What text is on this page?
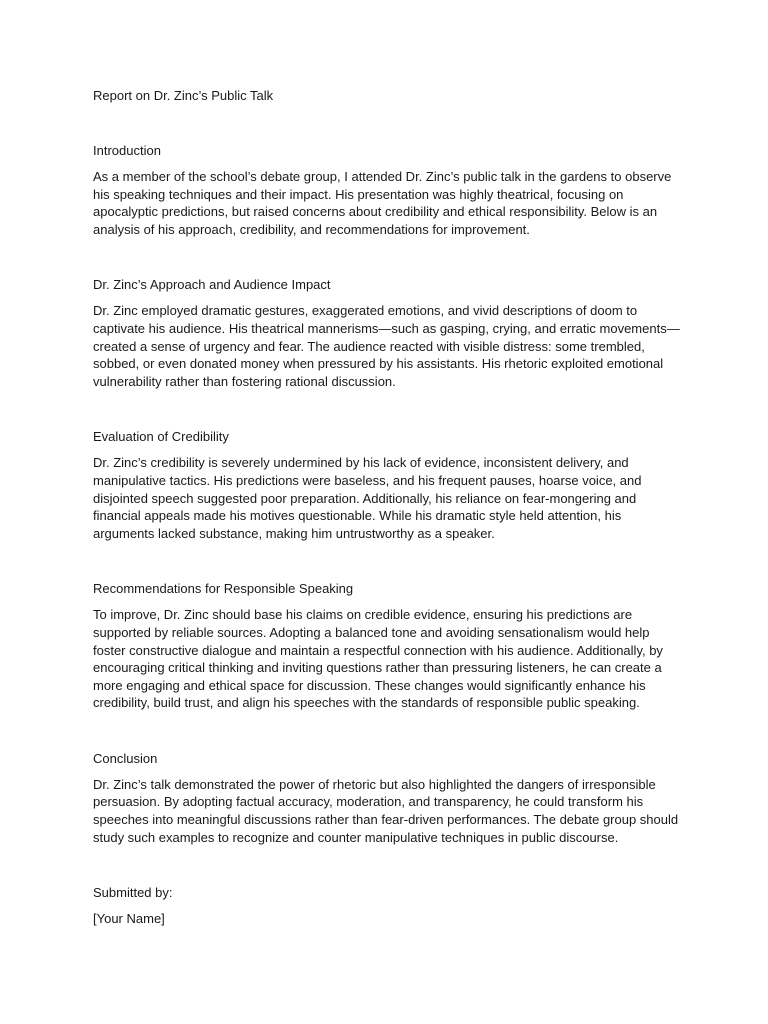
Report on Dr. Zinc’s Public Talk

Introduction

As a member of the school’s debate group, I attended Dr. Zinc’s public talk in the gardens to observe his speaking techniques and their impact. His presentation was highly theatrical, focusing on apocalyptic predictions, but raised concerns about credibility and ethical responsibility. Below is an analysis of his approach, credibility, and recommendations for improvement.

Dr. Zinc’s Approach and Audience Impact

Dr. Zinc employed dramatic gestures, exaggerated emotions, and vivid descriptions of doom to captivate his audience. His theatrical mannerisms—such as gasping, crying, and erratic movements—created a sense of urgency and fear. The audience reacted with visible distress: some trembled, sobbed, or even donated money when pressured by his assistants. His rhetoric exploited emotional vulnerability rather than fostering rational discussion.

Evaluation of Credibility

Dr. Zinc’s credibility is severely undermined by his lack of evidence, inconsistent delivery, and manipulative tactics. His predictions were baseless, and his frequent pauses, hoarse voice, and disjointed speech suggested poor preparation. Additionally, his reliance on fear-mongering and financial appeals made his motives questionable. While his dramatic style held attention, his arguments lacked substance, making him untrustworthy as a speaker.

Recommendations for Responsible Speaking

To improve, Dr. Zinc should base his claims on credible evidence, ensuring his predictions are supported by reliable sources. Adopting a balanced tone and avoiding sensationalism would help foster constructive dialogue and maintain a respectful connection with his audience. Additionally, by encouraging critical thinking and inviting questions rather than pressuring listeners, he can create a more engaging and ethical space for discussion. These changes would significantly enhance his credibility, build trust, and align his speeches with the standards of responsible public speaking.

Conclusion

Dr. Zinc’s talk demonstrated the power of rhetoric but also highlighted the dangers of irresponsible persuasion. By adopting factual accuracy, moderation, and transparency, he could transform his speeches into meaningful discussions rather than fear-driven performances. The debate group should study such examples to recognize and counter manipulative techniques in public discourse.

Submitted by:

[Your Name]
